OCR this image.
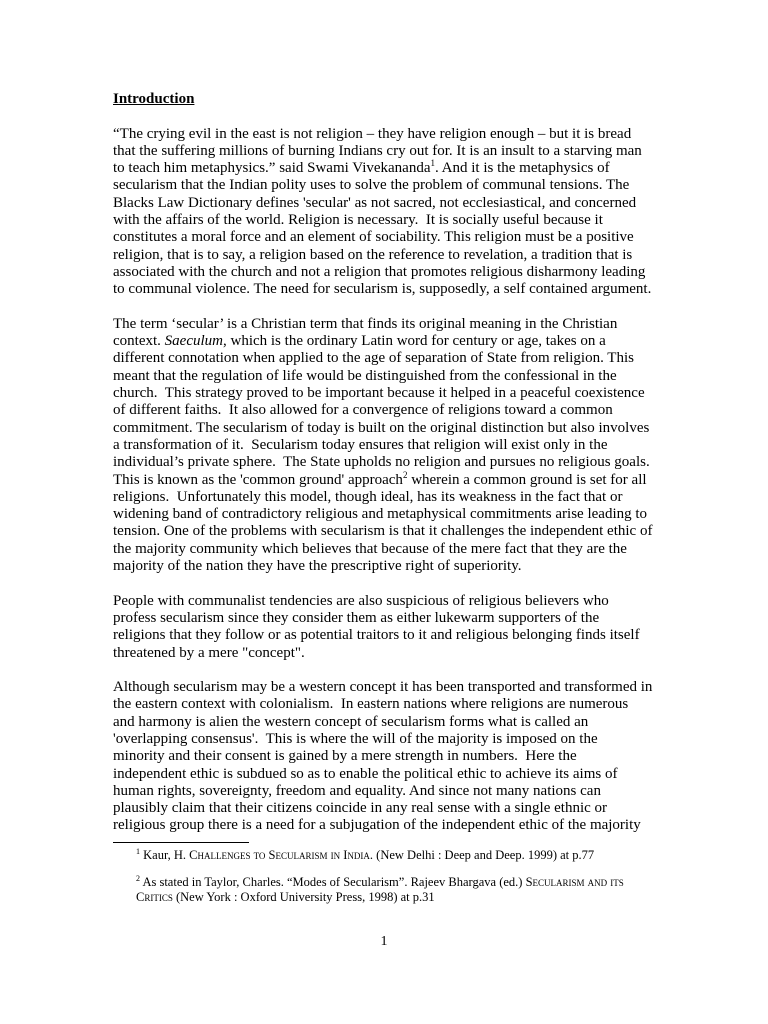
Introduction
“The crying evil in the east is not religion – they have religion enough – but it is bread
that the suffering millions of burning Indians cry out for. It is an insult to a starving man
to teach him metaphysics.” said Swami Vivekananda$^1$. And it is the metaphysics of
secularism that the Indian polity uses to solve the problem of communal tensions. The
Blacks Law Dictionary defines 'secular' as not sacred, not ecclesiastical, and concerned
with the affairs of the world. Religion is necessary.  It is socially useful because it
constitutes a moral force and an element of sociability. This religion must be a positive
religion, that is to say, a religion based on the reference to revelation, a tradition that is
associated with the church and not a religion that promotes religious disharmony leading
to communal violence. The need for secularism is, supposedly, a self contained argument.
The term ‘secular’ is a Christian term that finds its original meaning in the Christian
context. Saeculum, which is the ordinary Latin word for century or age, takes on a
different connotation when applied to the age of separation of State from religion. This
meant that the regulation of life would be distinguished from the confessional in the
church.  This strategy proved to be important because it helped in a peaceful coexistence
of different faiths.  It also allowed for a convergence of religions toward a common
commitment. The secularism of today is built on the original distinction but also involves
a transformation of it.  Secularism today ensures that religion will exist only in the
individual’s private sphere.  The State upholds no religion and pursues no religious goals.
This is known as the 'common ground' approach$^2$ wherein a common ground is set for all
religions.  Unfortunately this model, though ideal, has its weakness in the fact that or
widening band of contradictory religious and metaphysical commitments arise leading to
tension. One of the problems with secularism is that it challenges the independent ethic of
the majority community which believes that because of the mere fact that they are the
majority of the nation they have the prescriptive right of superiority.
People with communalist tendencies are also suspicious of religious believers who
profess secularism since they consider them as either lukewarm supporters of the
religions that they follow or as potential traitors to it and religious belonging finds itself
threatened by a mere "concept".
Although secularism may be a western concept it has been transported and transformed in
the eastern context with colonialism.  In eastern nations where religions are numerous
and harmony is alien the western concept of secularism forms what is called an
'overlapping consensus'.  This is where the will of the majority is imposed on the
minority and their consent is gained by a mere strength in numbers.  Here the
independent ethic is subdued so as to enable the political ethic to achieve its aims of
human rights, sovereignty, freedom and equality. And since not many nations can
plausibly claim that their citizens coincide in any real sense with a single ethnic or
religious group there is a need for a subjugation of the independent ethic of the majority
$^1$ Kaur, H. Challenges to Secularism in India. (New Delhi : Deep and Deep. 1999) at p.77
$^2$ As stated in Taylor, Charles. “Modes of Secularism”. Rajeev Bhargava (ed.) Secularism and its
Critics (New York : Oxford University Press, 1998) at p.31
1
